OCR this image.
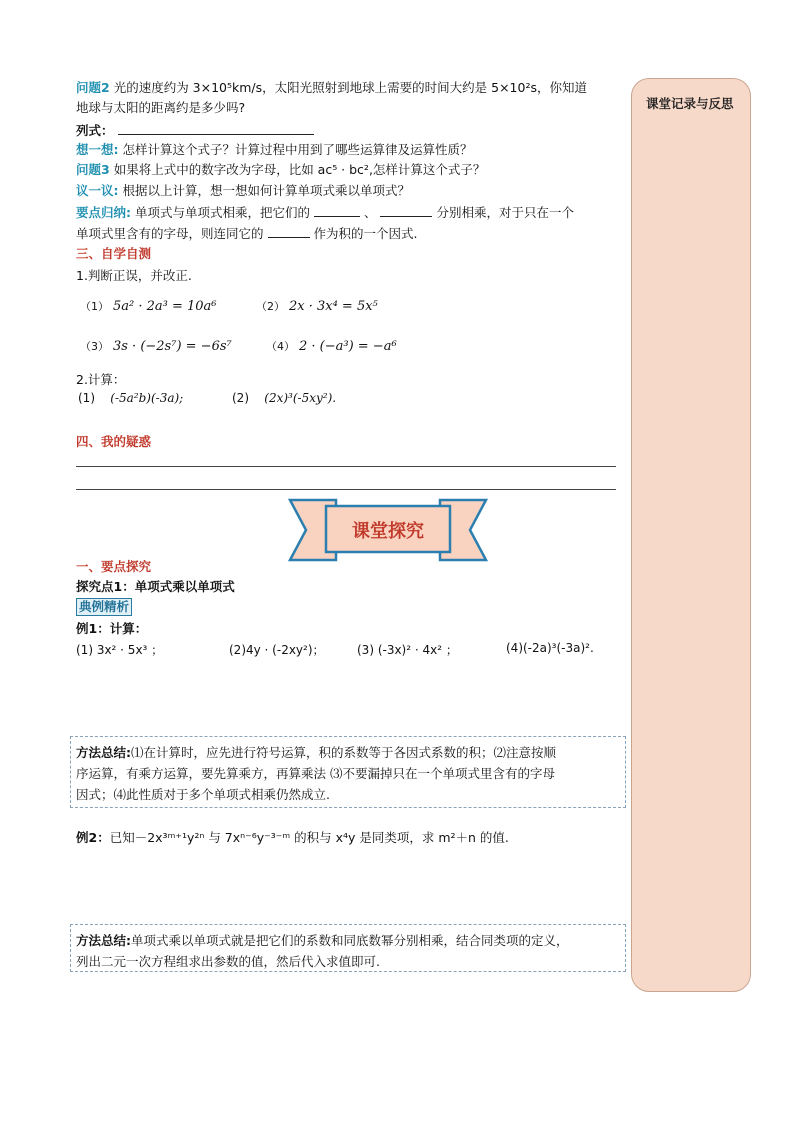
课堂记录与反思
问题2 光的速度约为 3×10⁵km/s，太阳光照射到地球上需要的时间大约是 5×10²s，你知道
地球与太阳的距离约是多少吗?
列式：
想一想: 怎样计算这个式子？计算过程中用到了哪些运算律及运算性质？
问题3 如果将上式中的数字改为字母，比如 ac⁵ · bc²,怎样计算这个式子？
议一议: 根据以上计算，想一想如何计算单项式乘以单项式？
要点归纳: 单项式与单项式相乘，把它们的	、	分别相乘，对于只在一个
单项式里含有的字母，则连同它的	作为积的一个因式.
三、自学自测
1.判断正误，并改正.
（1） 5a² · 2a³ = 10a⁶	（2） 2x · 3x⁴ = 5x⁵
（3） 3s · (−2s⁷) = −6s⁷	（4） 2 · (−a³) = −a⁶
2.计算：
(1) (-5a²b)(-3a);	(2) (2x)³(-5xy²).
四、我的疑惑
课堂探究
一、要点探究
探究点1：单项式乘以单项式
典例精析
例1：计算：
(1) 3x² · 5x³ ；	(2)4y · (-2xy²)；	(3) (-3x)² · 4x² ；	(4)(-2a)³(-3a)².
方法总结:⑴在计算时，应先进行符号运算，积的系数等于各因式系数的积；⑵注意按顺
序运算，有乘方运算，要先算乘方，再算乘法 ⑶不要漏掉只在一个单项式里含有的字母
因式；⑷此性质对于多个单项式相乘仍然成立.
例2：已知－2x³ᵐ⁺¹y²ⁿ 与 7xⁿ⁻⁶y⁻³⁻ᵐ 的积与 x⁴y 是同类项，求 m²＋n 的值.
方法总结:单项式乘以单项式就是把它们的系数和同底数幂分别相乘，结合同类项的定义，
列出二元一次方程组求出参数的值，然后代入求值即可.
